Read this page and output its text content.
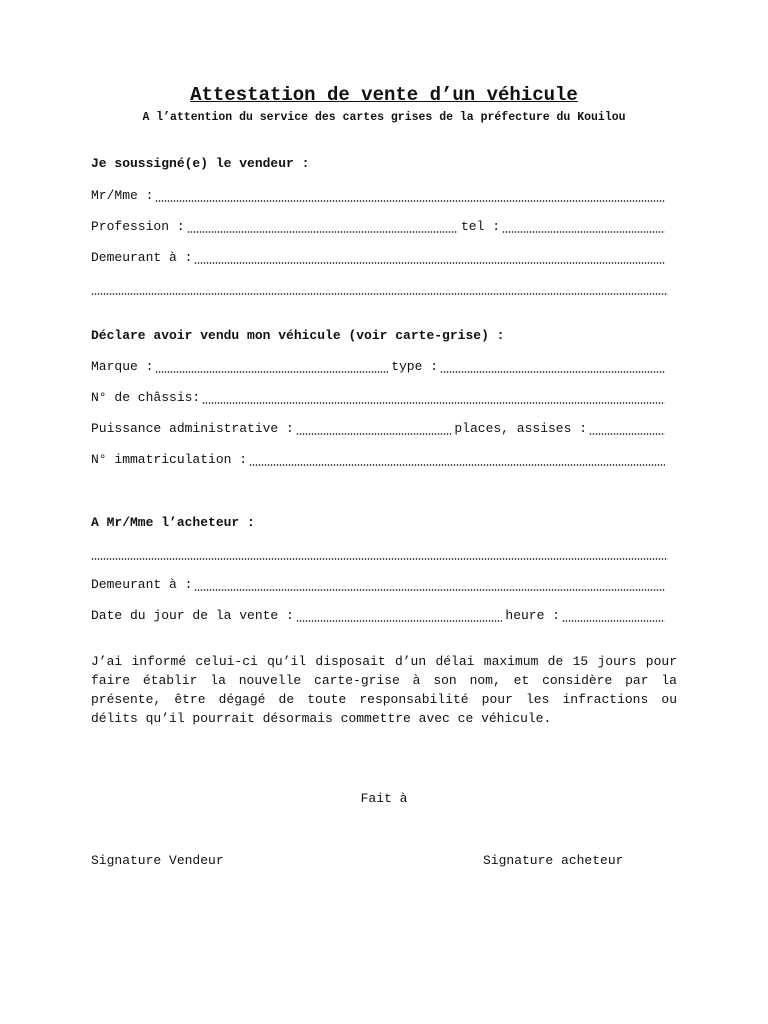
Attestation de vente d’un véhicule
A l’attention du service des cartes grises de la préfecture du Kouilou
Je soussigné(e) le vendeur :
Mr/Mme :
Profession :	tel :
Demeurant à :
Déclare avoir vendu mon véhicule (voir carte-grise) :
Marque :	type :
N° de châssis:
Puissance administrative :	places, assises :
N° immatriculation :
A Mr/Mme l’acheteur :
Demeurant à :
Date du jour de la vente :	heure :
J’ai informé celui-ci qu’il disposait d’un délai maximum de 15 jours pour faire établir la nouvelle carte-grise à son nom, et considère par la présente, être dégagé de toute responsabilité pour les infractions ou délits qu’il pourrait désormais commettre avec ce véhicule.
Fait à
Signature Vendeur	Signature acheteur
